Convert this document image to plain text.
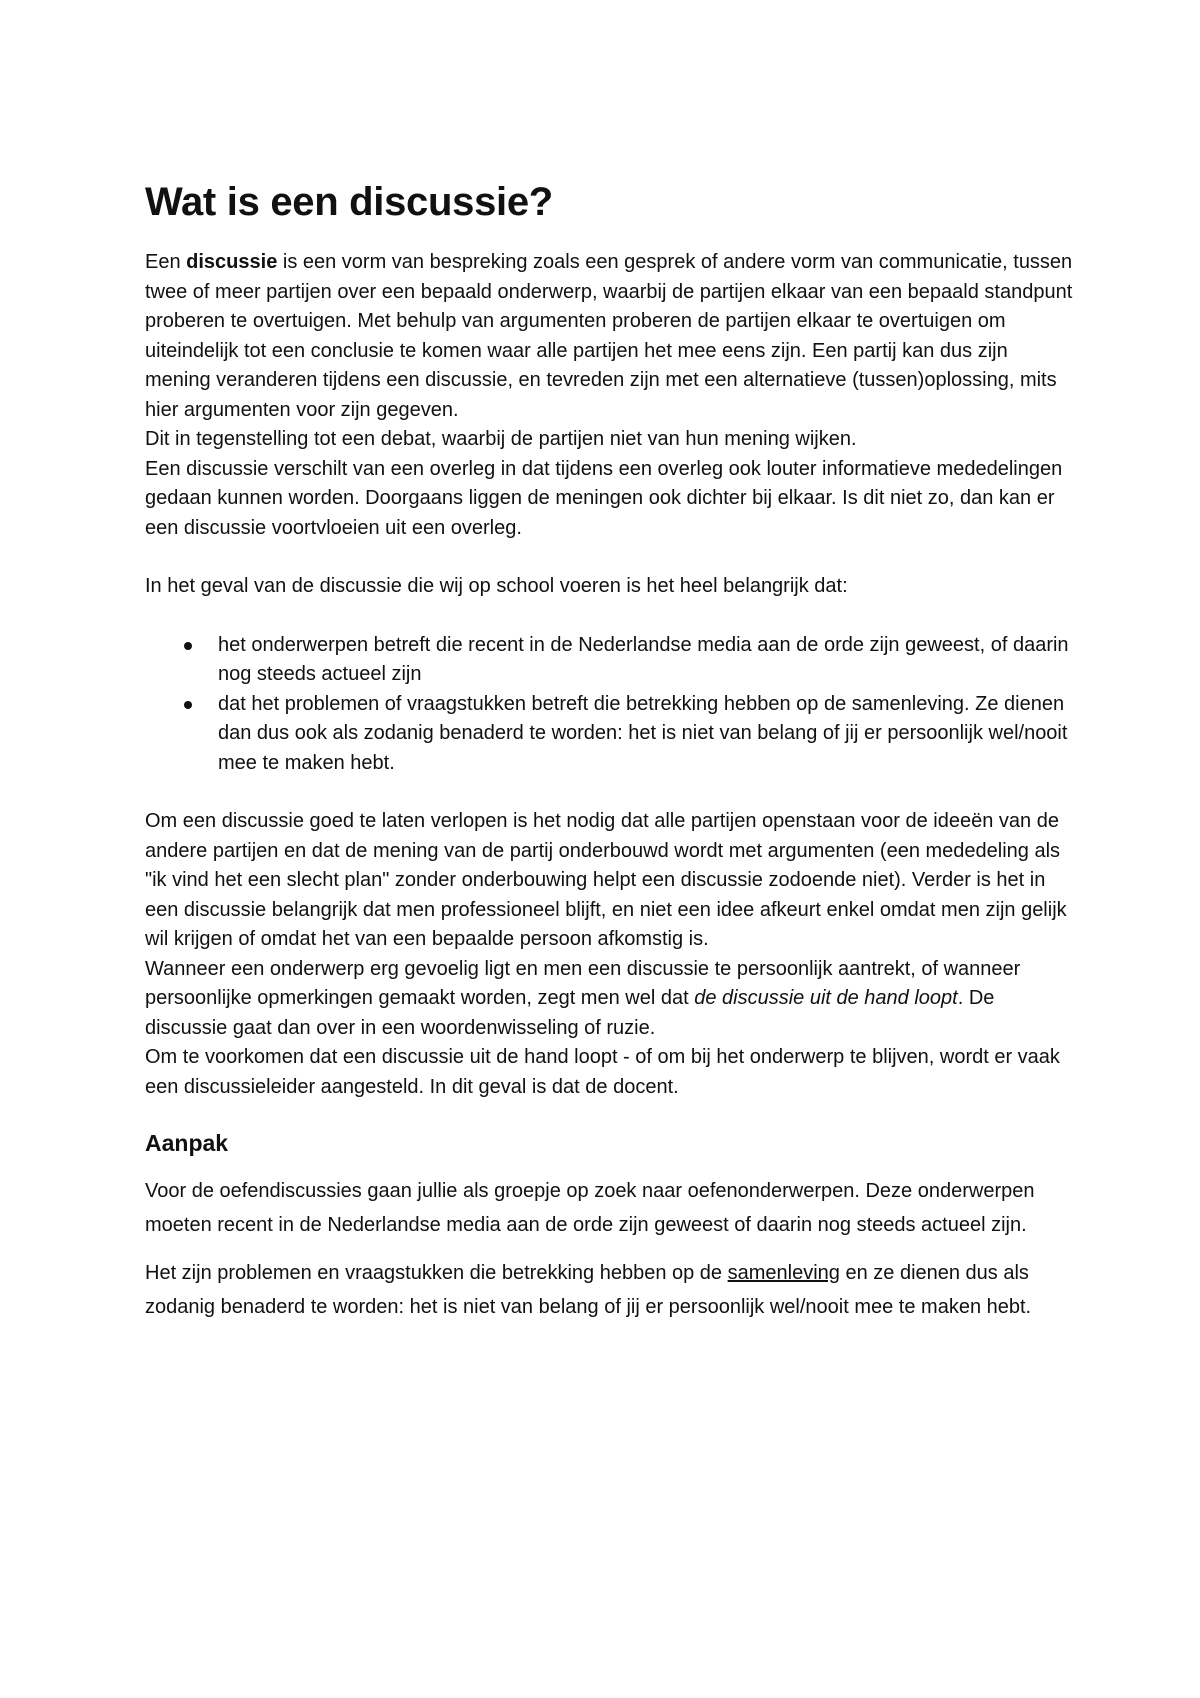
Wat is een discussie?

Een discussie is een vorm van bespreking zoals een gesprek of andere vorm van communicatie, tussen twee of meer partijen over een bepaald onderwerp, waarbij de partijen elkaar van een bepaald standpunt proberen te overtuigen. Met behulp van argumenten proberen de partijen elkaar te overtuigen om uiteindelijk tot een conclusie te komen waar alle partijen het mee eens zijn. Een partij kan dus zijn mening veranderen tijdens een discussie, en tevreden zijn met een alternatieve (tussen)oplossing, mits hier argumenten voor zijn gegeven.

Dit in tegenstelling tot een debat, waarbij de partijen niet van hun mening wijken.

Een discussie verschilt van een overleg in dat tijdens een overleg ook louter informatieve mededelingen gedaan kunnen worden. Doorgaans liggen de meningen ook dichter bij elkaar. Is dit niet zo, dan kan er een discussie voortvloeien uit een overleg.

In het geval van de discussie die wij op school voeren is het heel belangrijk dat:

het onderwerpen betreft die recent in de Nederlandse media aan de orde zijn geweest, of daarin nog steeds actueel zijn
dat het problemen of vraagstukken betreft die betrekking hebben op de samenleving. Ze dienen dan dus ook als zodanig benaderd te worden: het is niet van belang of jij er persoonlijk wel/nooit mee te maken hebt.

Om een discussie goed te laten verlopen is het nodig dat alle partijen openstaan voor de ideeën van de andere partijen en dat de mening van de partij onderbouwd wordt met argumenten (een mededeling als "ik vind het een slecht plan" zonder onderbouwing helpt een discussie zodoende niet). Verder is het in een discussie belangrijk dat men professioneel blijft, en niet een idee afkeurt enkel omdat men zijn gelijk wil krijgen of omdat het van een bepaalde persoon afkomstig is.

Wanneer een onderwerp erg gevoelig ligt en men een discussie te persoonlijk aantrekt, of wanneer persoonlijke opmerkingen gemaakt worden, zegt men wel dat de discussie uit de hand loopt. De discussie gaat dan over in een woordenwisseling of ruzie.

Om te voorkomen dat een discussie uit de hand loopt - of om bij het onderwerp te blijven, wordt er vaak een discussieleider aangesteld. In dit geval is dat de docent.

Aanpak

Voor de oefendiscussies gaan jullie als groepje op zoek naar oefenonderwerpen. Deze onderwerpen moeten recent in de Nederlandse media aan de orde zijn geweest of daarin nog steeds actueel zijn.

Het zijn problemen en vraagstukken die betrekking hebben op de samenleving en ze dienen dus als zodanig benaderd te worden: het is niet van belang of jij er persoonlijk wel/nooit mee te maken hebt.
